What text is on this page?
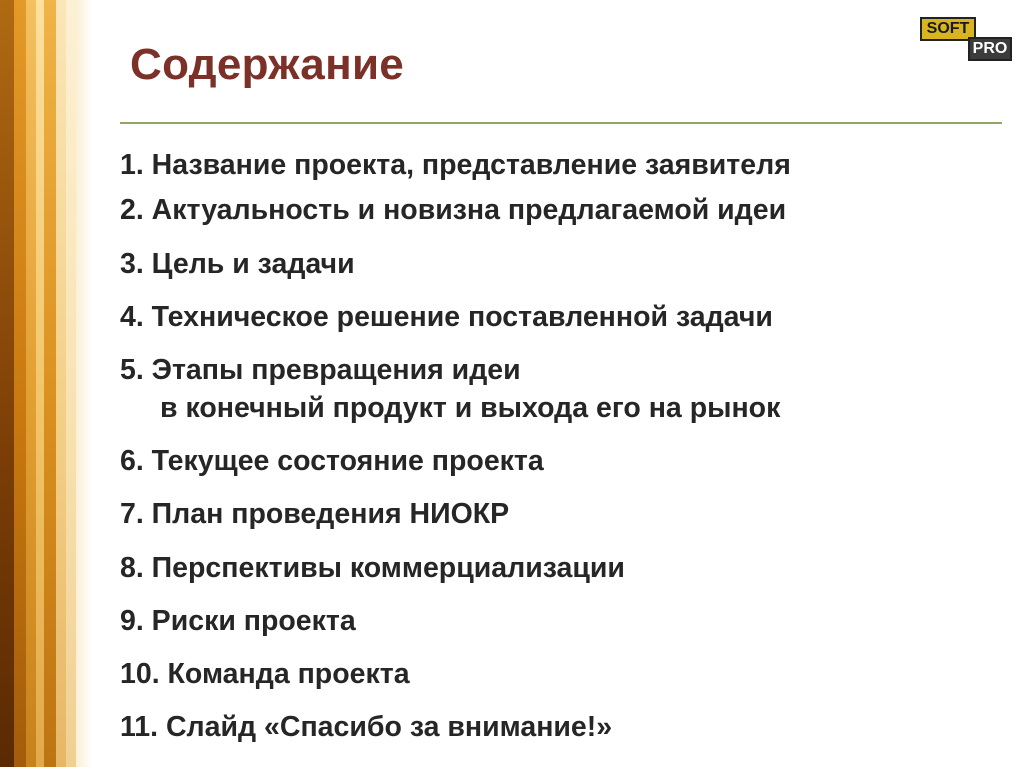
SOFT
PRO
Содержание
1. Название проекта, представление заявителя
2. Актуальность и новизна предлагаемой идеи
3. Цель и задачи
4. Техническое решение поставленной задачи
5. Этапы превращения идеи
в конечный продукт и выхода его на рынок
6. Текущее состояние проекта
7. План проведения НИОКР
8. Перспективы коммерциализации
9. Риски проекта
10. Команда проекта
11. Слайд «Спасибо за внимание!»
